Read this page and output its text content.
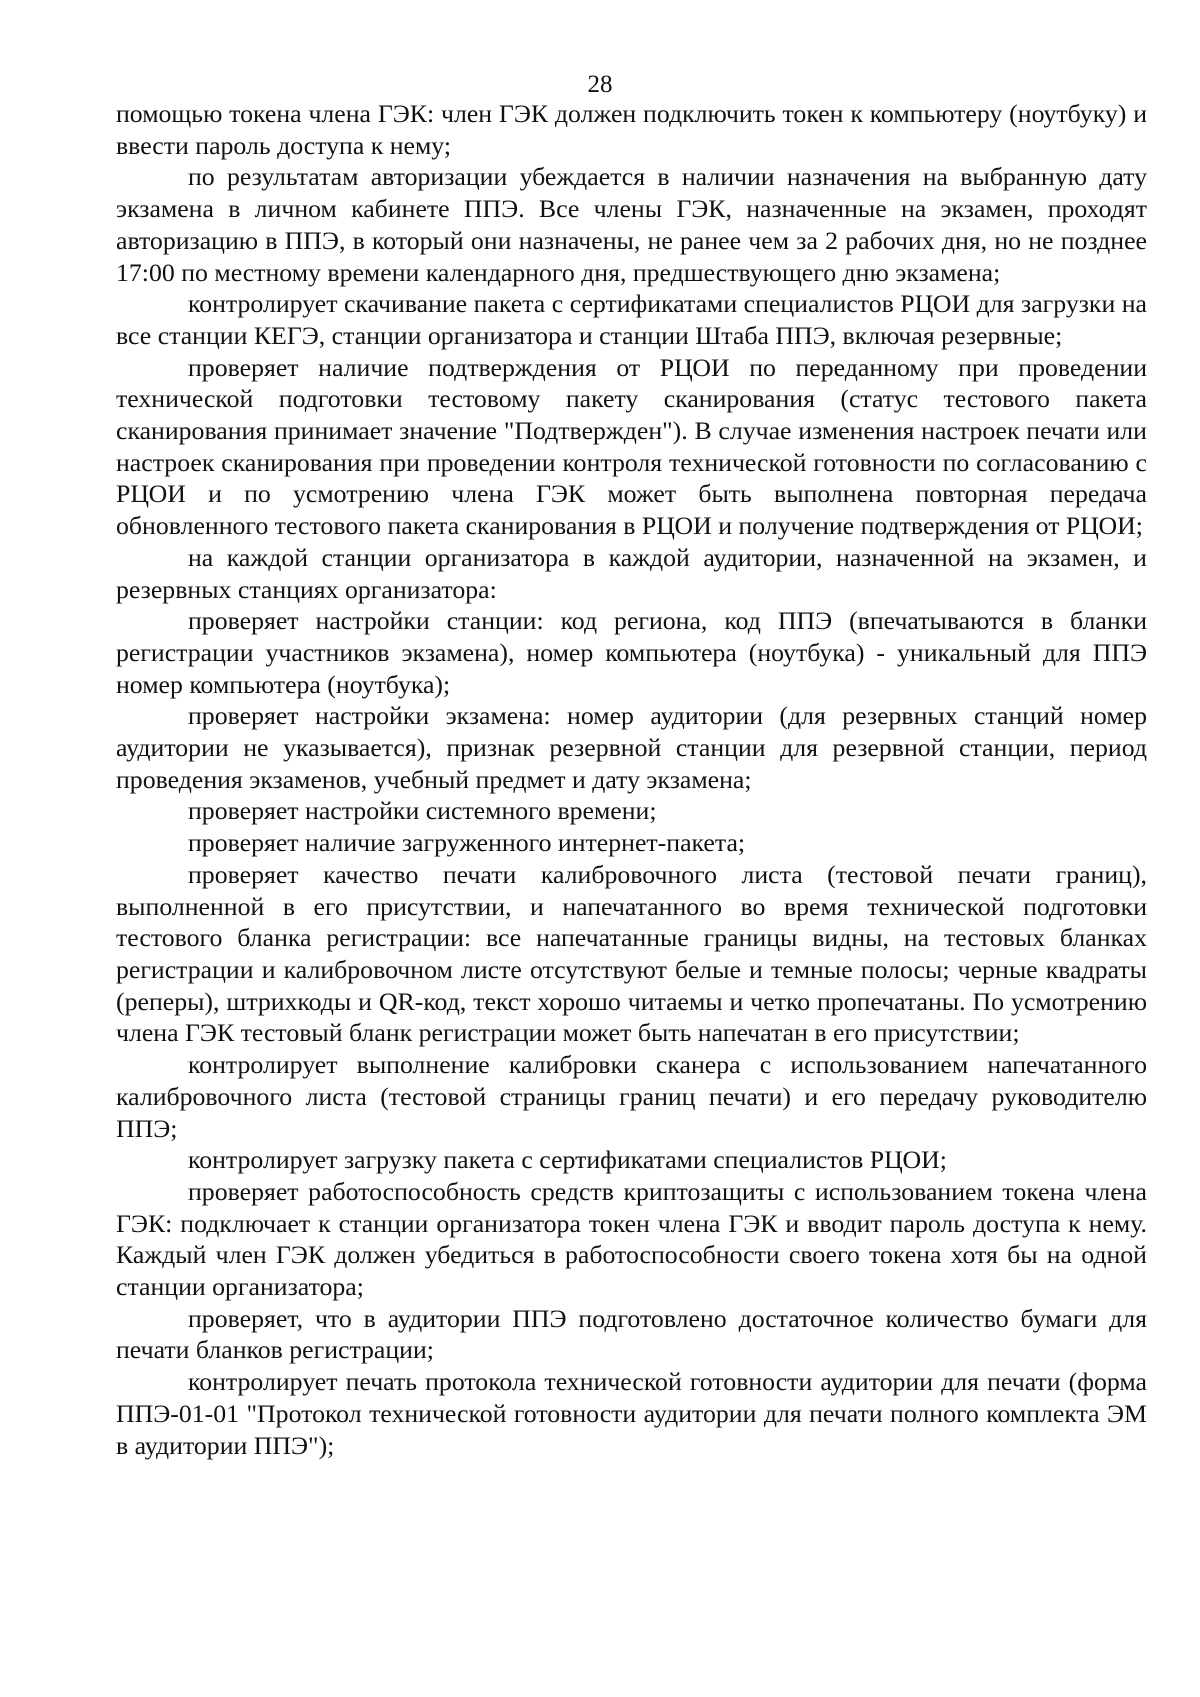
28

помощью токена члена ГЭК: член ГЭК должен подключить токен к компьютеру (ноутбуку) и ввести пароль доступа к нему;

по результатам авторизации убеждается в наличии назначения на выбранную дату экзамена в личном кабинете ППЭ. Все члены ГЭК, назначенные на экзамен, проходят авторизацию в ППЭ, в который они назначены, не ранее чем за 2 рабочих дня, но не позднее 17:00 по местному времени календарного дня, предшествующего дню экзамена;

контролирует скачивание пакета с сертификатами специалистов РЦОИ для загрузки на все станции КЕГЭ, станции организатора и станции Штаба ППЭ, включая резервные;

проверяет наличие подтверждения от РЦОИ по переданному при проведении технической подготовки тестовому пакету сканирования (статус тестового пакета сканирования принимает значение "Подтвержден"). В случае изменения настроек печати или настроек сканирования при проведении контроля технической готовности по согласованию с РЦОИ и по усмотрению члена ГЭК может быть выполнена повторная передача обновленного тестового пакета сканирования в РЦОИ и получение подтверждения от РЦОИ;

на каждой станции организатора в каждой аудитории, назначенной на экзамен, и резервных станциях организатора:

проверяет настройки станции: код региона, код ППЭ (впечатываются в бланки регистрации участников экзамена), номер компьютера (ноутбука) - уникальный для ППЭ номер компьютера (ноутбука);

проверяет настройки экзамена: номер аудитории (для резервных станций номер аудитории не указывается), признак резервной станции для резервной станции, период проведения экзаменов, учебный предмет и дату экзамена;

проверяет настройки системного времени;

проверяет наличие загруженного интернет-пакета;

проверяет качество печати калибровочного листа (тестовой печати границ), выполненной в его присутствии, и напечатанного во время технической подготовки тестового бланка регистрации: все напечатанные границы видны, на тестовых бланках регистрации и калибровочном листе отсутствуют белые и темные полосы; черные квадраты (реперы), штрихкоды и QR-код, текст хорошо читаемы и четко пропечатаны. По усмотрению члена ГЭК тестовый бланк регистрации может быть напечатан в его присутствии;

контролирует выполнение калибровки сканера с использованием напечатанного калибровочного листа (тестовой страницы границ печати) и его передачу руководителю ППЭ;

контролирует загрузку пакета с сертификатами специалистов РЦОИ;

проверяет работоспособность средств криптозащиты с использованием токена члена ГЭК: подключает к станции организатора токен члена ГЭК и вводит пароль доступа к нему. Каждый член ГЭК должен убедиться в работоспособности своего токена хотя бы на одной станции организатора;

проверяет, что в аудитории ППЭ подготовлено достаточное количество бумаги для печати бланков регистрации;

контролирует печать протокола технической готовности аудитории для печати (форма ППЭ-01-01 "Протокол технической готовности аудитории для печати полного комплекта ЭМ в аудитории ППЭ");
